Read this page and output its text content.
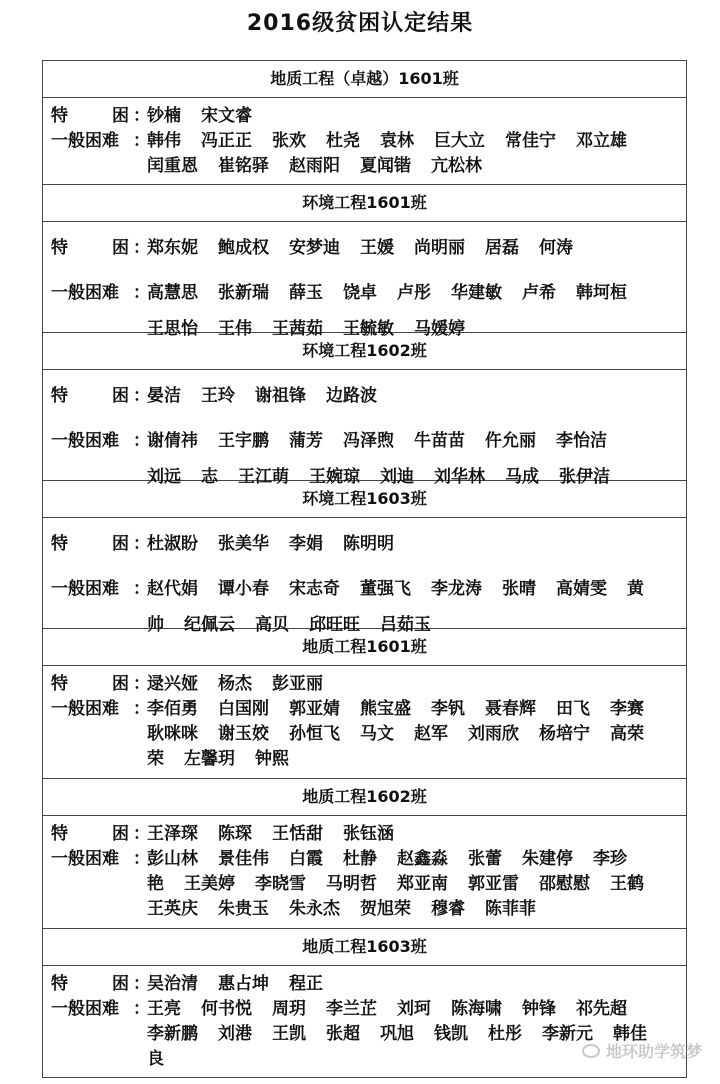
2016级贫困认定结果
地质工程（卓越）1601班
特	困 ：
钞楠 宋文睿
一般困难 ：
韩伟 冯正正 张欢 杜尧 袁林 巨大立 常佳宁 邓立雄
闰重恩 崔铭驿 赵雨阳 夏闻锴 亢松林
环境工程1601班
特	困 ：
郑东妮 鲍成权 安梦迪 王媛 尚明丽 居磊 何涛
一般困难 ：
高慧思 张新瑞 薛玉 饶卓 卢彤 华建敏 卢希 韩坷桓
王思怡 王伟 王茜茹 王毓敏 马媛婷
环境工程1602班
特	困 ：
晏洁 王玲 谢祖锋 边路波
一般困难 ：
谢倩祎 王宇鹏 蒲芳 冯泽煦 牛苗苗 仵允丽 李怡洁
刘远 志 王江萌 王婉琼 刘迪 刘华林 马成 张伊洁
环境工程1603班
特	困 ：
杜淑盼 张美华 李娟 陈明明
一般困难 ：
赵代娟 谭小春 宋志奇 董强飞 李龙涛 张晴 高婧雯 黄
帅 纪佩云 高贝 邱旺旺 吕茹玉
地质工程1601班
特	困 ：
逯兴娅 杨杰 彭亚丽
一般困难 ：
李佰勇 白国刚 郭亚婧 熊宝盛 李钒 聂春辉 田飞 李赛
耿咪咪 谢玉姣 孙恒飞 马文 赵军 刘雨欣 杨培宁 高荣
荣 左馨玥 钟熙
地质工程1602班
特	困 ：
王泽琛 陈琛 王恬甜 张钰涵
一般困难 ：
彭山林 景佳伟 白霞 杜静 赵鑫淼 张蕾 朱建停 李珍
艳 王美婷 李晓雪 马明哲 郑亚南 郭亚雷 邵慰慰 王鹤
王英庆 朱贵玉 朱永杰 贺旭荣 穆睿 陈菲菲
地质工程1603班
特	困 ：
吴治清 惠占坤 程正
一般困难 ：
王亮 何书悦 周玥 李兰芷 刘珂 陈海啸 钟锋 祁先超
李新鹏 刘港 王凯 张超 巩旭 钱凯 杜彤 李新元 韩佳
良	地环助学筑梦
